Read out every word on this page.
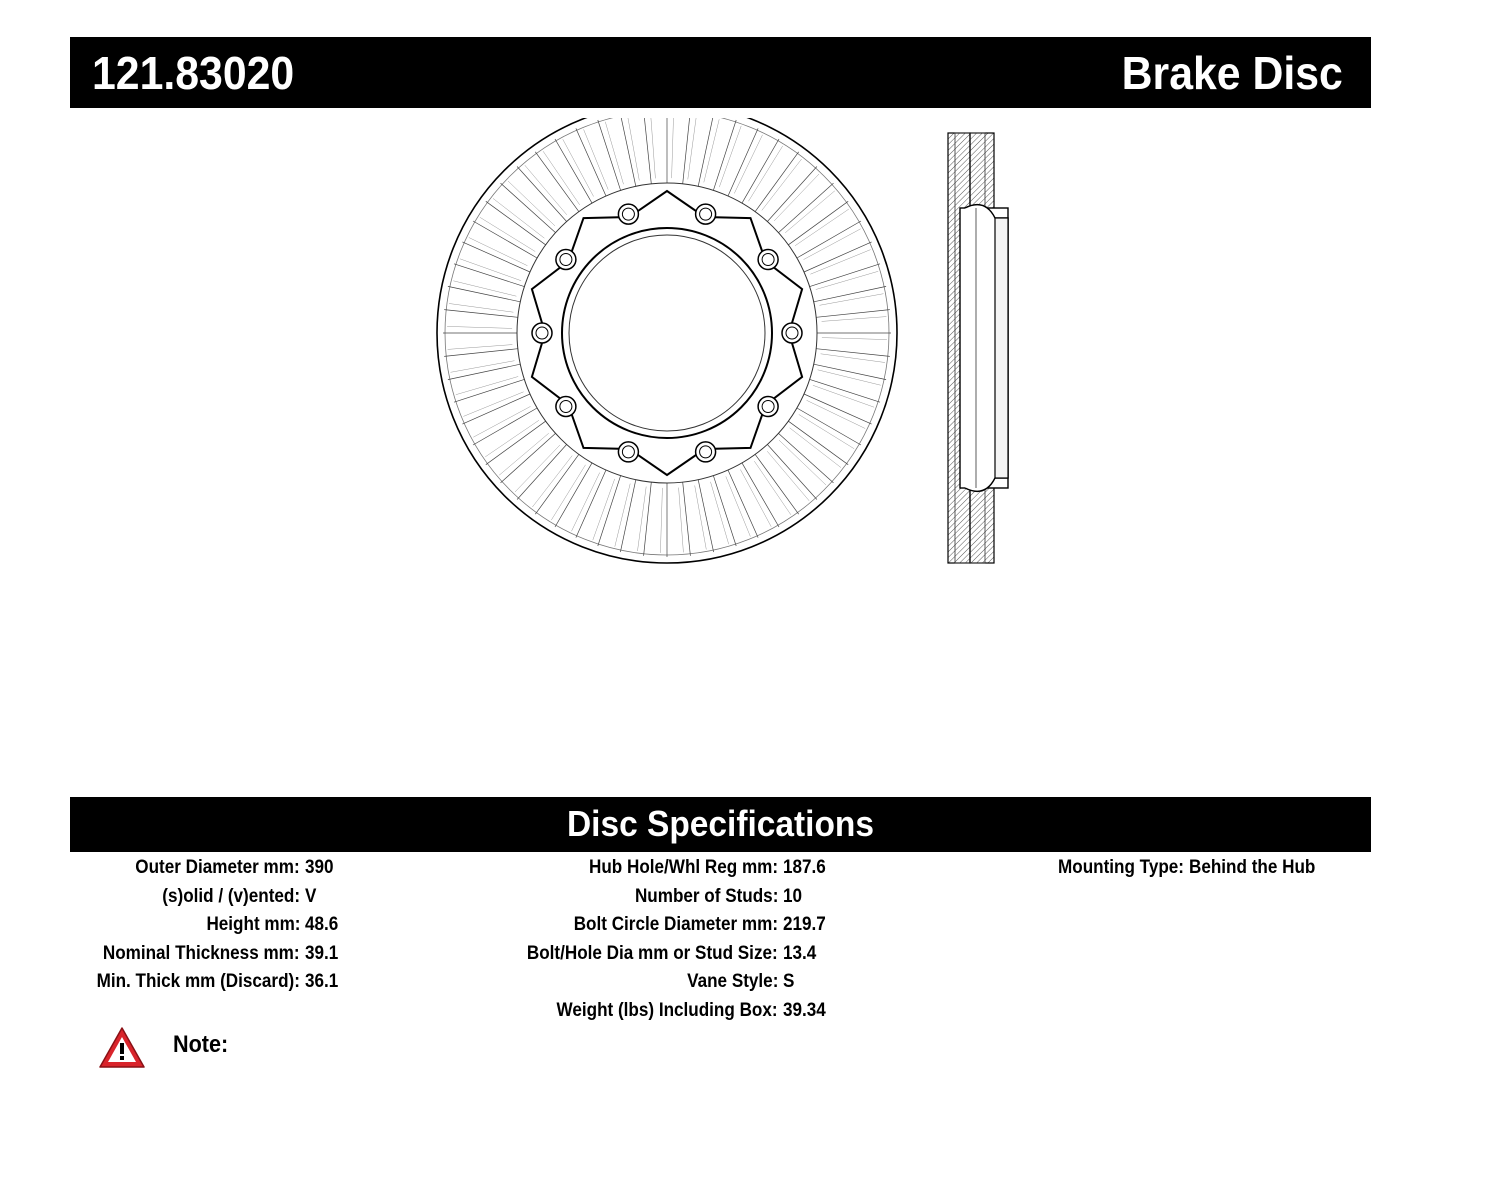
121.83020	Brake Disc
Disc Specifications
Outer Diameter mm: 390
(s)olid / (v)ented: V
Height mm: 48.6
Nominal Thickness mm: 39.1
Min. Thick mm (Discard): 36.1
Hub Hole/Whl Reg mm: 187.6
Number of Studs: 10
Bolt Circle Diameter mm: 219.7
Bolt/Hole Dia mm or Stud Size: 13.4
Vane Style: S
Weight (lbs) Including Box: 39.34
Mounting Type: Behind the Hub
Note:
